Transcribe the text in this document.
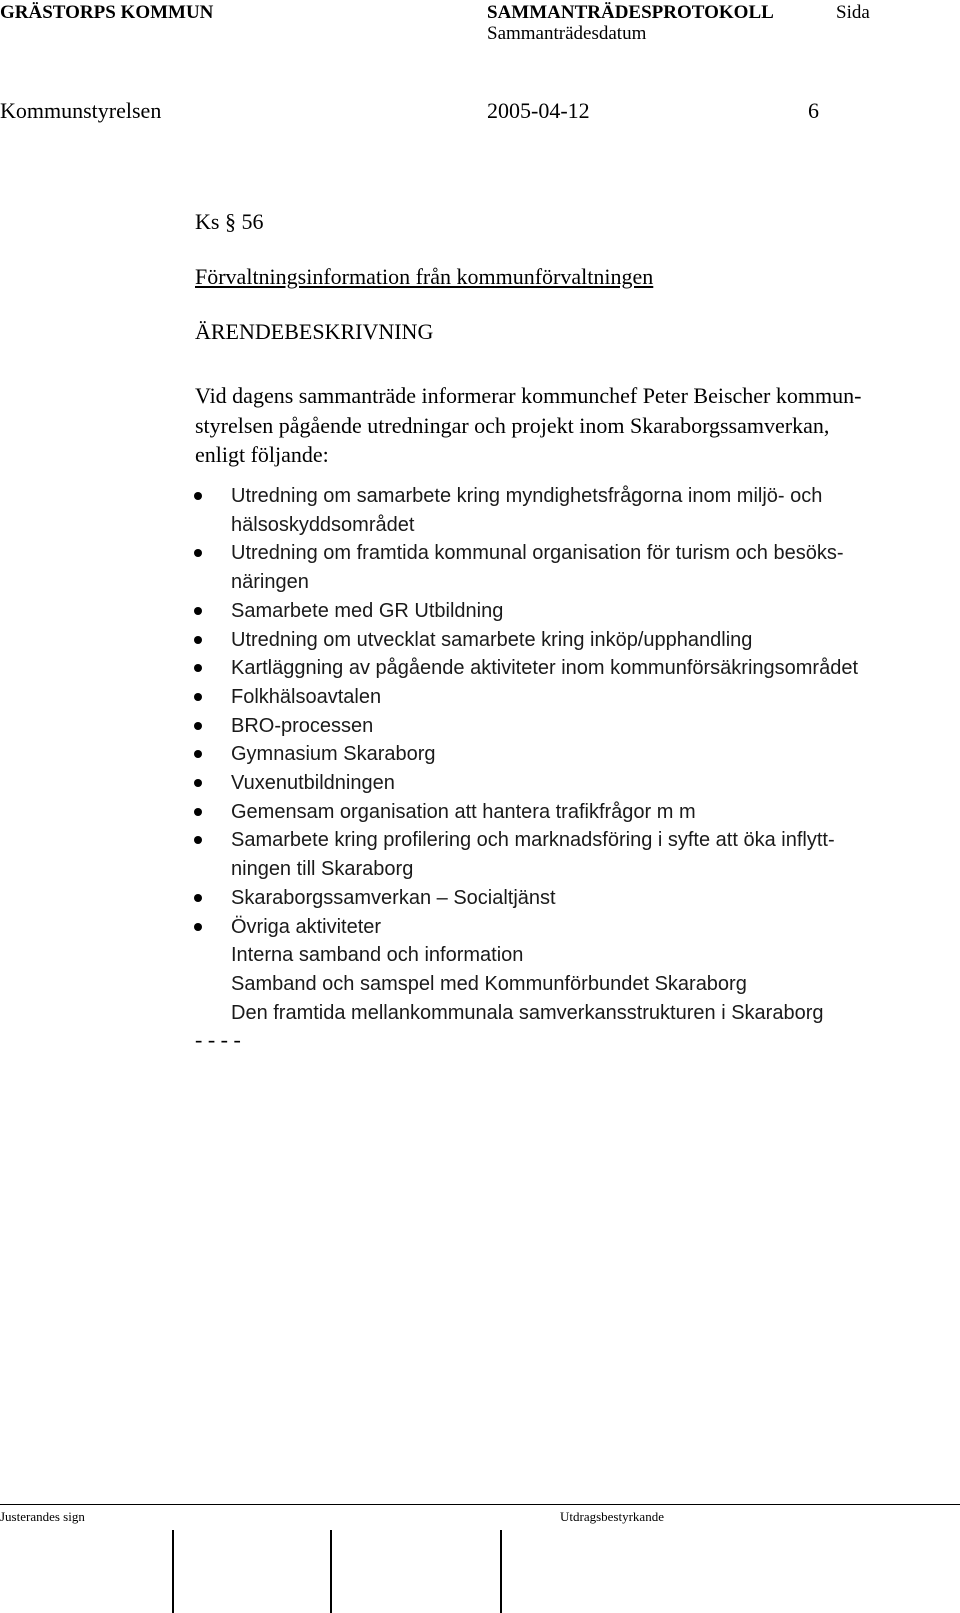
GRÄSTORPS KOMMUN	SAMMANTRÄDESPROTOKOLL	Sida
Sammanträdesdatum
Kommunstyrelsen	2005-04-12	6
Ks § 56
Förvaltningsinformation från kommunförvaltningen
ÄRENDEBESKRIVNING
Vid dagens sammanträde informerar kommunchef Peter Beischer kommun-
styrelsen pågående utredningar och projekt inom Skaraborgssamverkan,
enligt följande:
Utredning om samarbete kring myndighetsfrågorna inom miljö- och
hälsoskyddsområdet
Utredning om framtida kommunal organisation för turism och besöks-
näringen
Samarbete med GR Utbildning
Utredning om utvecklat samarbete kring inköp/upphandling
Kartläggning av pågående aktiviteter inom kommunförsäkringsområdet
Folkhälsoavtalen
BRO-processen
Gymnasium Skaraborg
Vuxenutbildningen
Gemensam organisation att hantera trafikfrågor m m
Samarbete kring profilering och marknadsföring i syfte att öka inflytt-
ningen till Skaraborg
Skaraborgssamverkan – Socialtjänst
Övriga aktiviteter
Interna samband och information
Samband och samspel med Kommunförbundet Skaraborg
Den framtida mellankommunala samverkansstrukturen i Skaraborg
- - - -
Justerandes sign	Utdragsbestyrkande
